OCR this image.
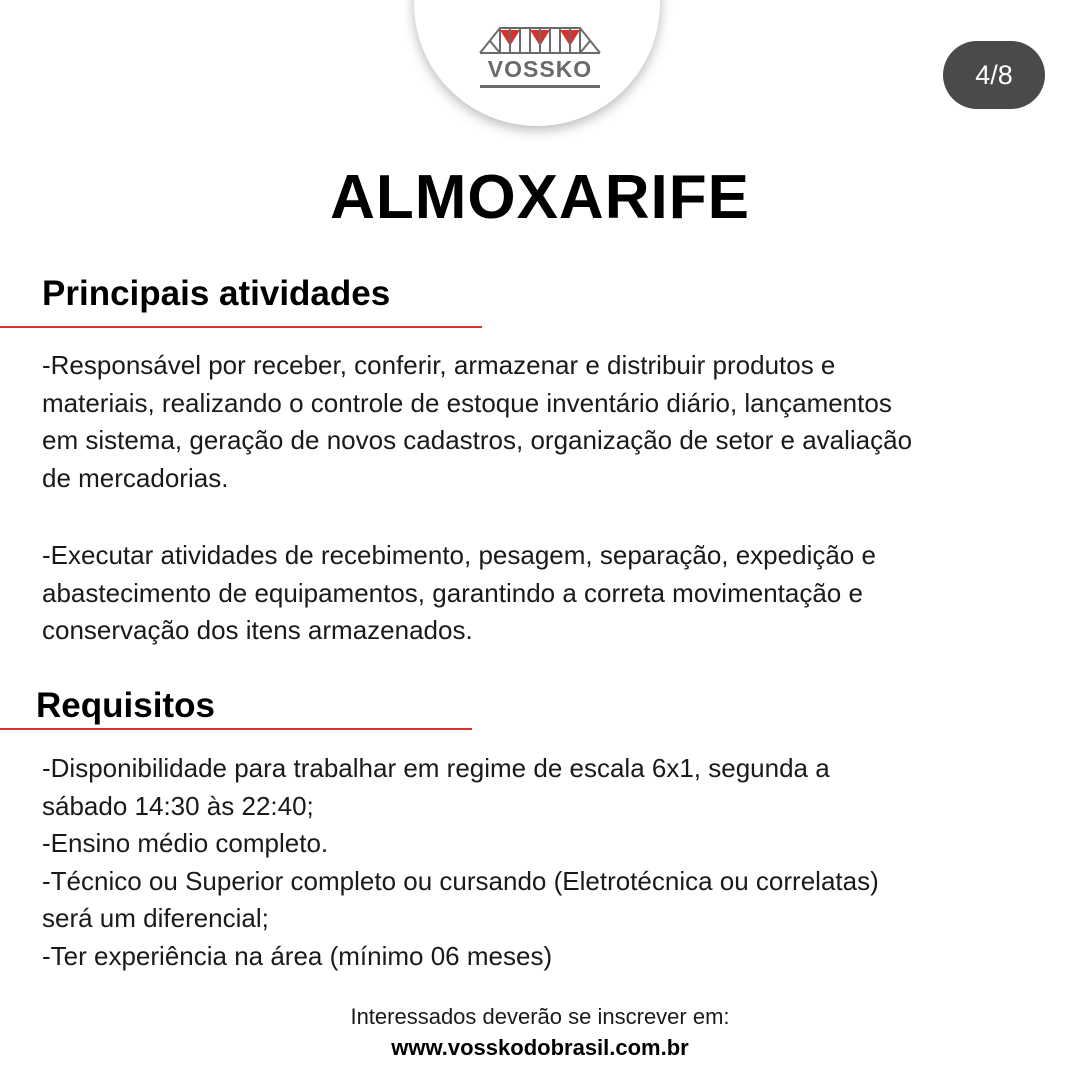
VOSSKO	4/8
ALMOXARIFE
Principais atividades
-Responsável por receber, conferir, armazenar e distribuir produtos e
materiais, realizando o controle de estoque inventário diário, lançamentos
em sistema, geração de novos cadastros, organização de setor e avaliação
de mercadorias.
-Executar atividades de recebimento, pesagem, separação, expedição e
abastecimento de equipamentos, garantindo a correta movimentação e
conservação dos itens armazenados.
Requisitos
-Disponibilidade para trabalhar em regime de escala 6x1, segunda a
sábado 14:30 às 22:40;
-Ensino médio completo.
-Técnico ou Superior completo ou cursando (Eletrotécnica ou correlatas)
será um diferencial;
-Ter experiência na área (mínimo 06 meses)
Interessados deverão se inscrever em:
www.vosskodobrasil.com.br
